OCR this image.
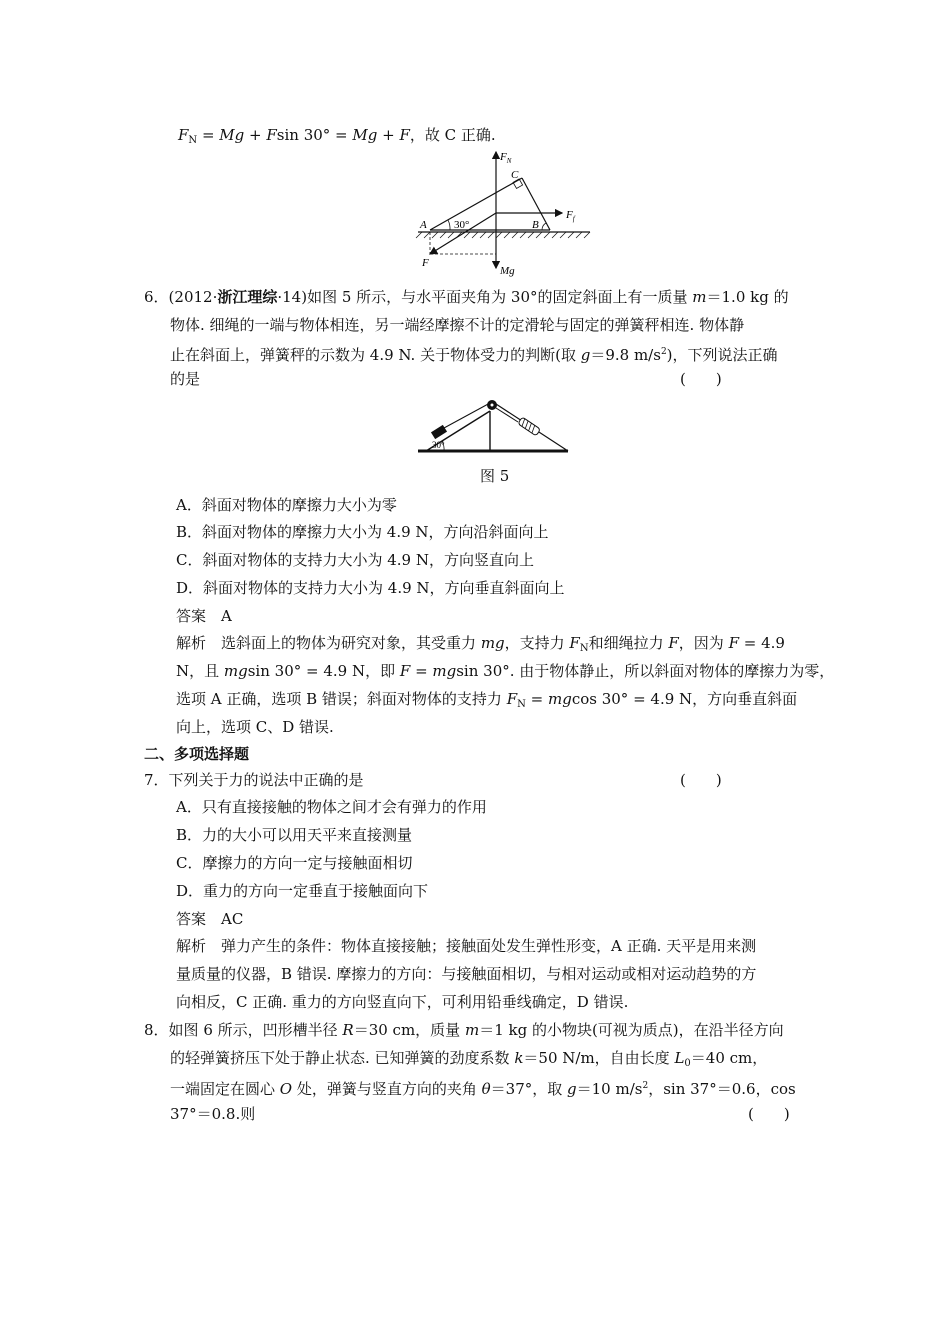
$F_N = Mg + Fsin$ 30° = Mg + F，故 C 正确.
$F_N$
C
$F_f$
A 30°	B
F
Mg
6．(2012·浙江理综·14)如图 5 所示，与水平面夹角为 30°的固定斜面上有一质量 m＝1.0 kg 的
物体. 细绳的一端与物体相连，另一端经摩擦不计的定滑轮与固定的弹簧秤相连. 物体静
止在斜面上，弹簧秤的示数为 4.9 N. 关于物体受力的判断(取 g＝9.8 $m/s^2$)，下列说法正确
的是	(　　)
30°
图 5
A．斜面对物体的摩擦力大小为零
B．斜面对物体的摩擦力大小为 4.9 N，方向沿斜面向上
C．斜面对物体的支持力大小为 4.9 N，方向竖直向上
D．斜面对物体的支持力大小为 4.9 N，方向垂直斜面向上
答案　 A
解析　 选斜面上的物体为研究对象，其受重力 mg，支持力 $F_N$和细绳拉力 F，因为 F = 4.9
N，且 mgsin 30° = 4.9 N，即 F = mgsin 30°. 由于物体静止，所以斜面对物体的摩擦力为零，
选项 A 正确，选项 B 错误；斜面对物体的支持力 $F_N = mgcos$ 30° = 4.9 N，方向垂直斜面
向上，选项 C、D 错误.
二、多项选择题
7．下列关于力的说法中正确的是	(　　)
A．只有直接接触的物体之间才会有弹力的作用
B．力的大小可以用天平来直接测量
C．摩擦力的方向一定与接触面相切
D．重力的方向一定垂直于接触面向下
答案　 AC
解析　 弹力产生的条件：物体直接接触；接触面处发生弹性形变，A 正确. 天平是用来测
量质量的仪器，B 错误. 摩擦力的方向：与接触面相切，与相对运动或相对运动趋势的方
向相反，C 正确. 重力的方向竖直向下，可利用铅垂线确定，D 错误.
8．如图 6 所示，凹形槽半径 R＝30 cm，质量 m＝1 kg 的小物块(可视为质点)，在沿半径方向
的轻弹簧挤压下处于静止状态. 已知弹簧的劲度系数 k＝50 N/m，自由长度 $L_0=40$ cm，
一端固定在圆心 O 处，弹簧与竖直方向的夹角 θ＝37°，取 g＝10 $m/s^2$，sin 37°＝0.6，cos
37°＝0.8.则	(　　)
